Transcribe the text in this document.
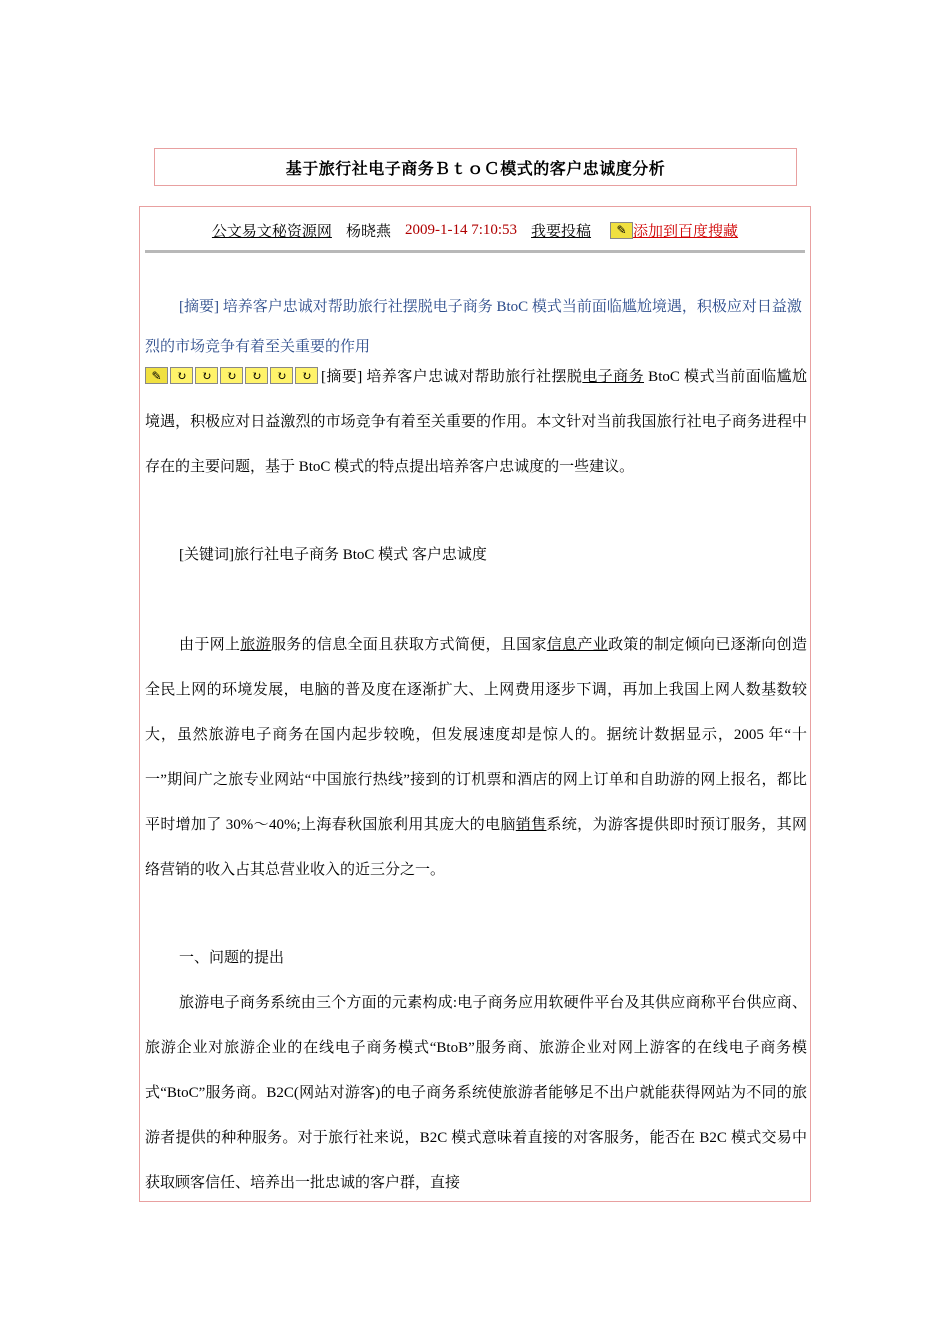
基于旅行社电子商务ＢｔｏＣ模式的客户忠诚度分析
公文易文秘资源网 杨晓燕 2009-1-14 7:10:53 我要投稿	✎ 添加到百度搜藏

[摘要] 培养客户忠诚对帮助旅行社摆脱电子商务 BtoC 模式当前面临尴尬境遇，积极应对日益激烈的市场竞争有着至关重要的作用

✎	↻	↻	↻	↻	↻	↻ [摘要] 培养客户忠诚对帮助旅行社摆脱电子商务 BtoC 模式当前面临尴尬境遇，积极应对日益激烈的市场竞争有着至关重要的作用。本文针对当前我国旅行社电子商务进程中存在的主要问题，基于 BtoC 模式的特点提出培养客户忠诚度的一些建议。

[关键词]旅行社电子商务 BtoC 模式 客户忠诚度

由于网上旅游服务的信息全面且获取方式简便，且国家信息产业政策的制定倾向已逐渐向创造全民上网的环境发展，电脑的普及度在逐渐扩大、上网费用逐步下调，再加上我国上网人数基数较大，虽然旅游电子商务在国内起步较晚，但发展速度却是惊人的。据统计数据显示，2005 年“十一”期间广之旅专业网站“中国旅行热线”接到的订机票和酒店的网上订单和自助游的网上报名，都比平时增加了 30%～40%;上海春秋国旅利用其庞大的电脑销售系统，为游客提供即时预订服务，其网络营销的收入占其总营业收入的近三分之一。

一、问题的提出

旅游电子商务系统由三个方面的元素构成:电子商务应用软硬件平台及其供应商称平台供应商、旅游企业对旅游企业的在线电子商务模式“BtoB”服务商、旅游企业对网上游客的在线电子商务模式“BtoC”服务商。B2C(网站对游客)的电子商务系统使旅游者能够足不出户就能获得网站为不同的旅游者提供的种种服务。对于旅行社来说，B2C 模式意味着直接的对客服务，能否在 B2C 模式交易中获取顾客信任、培养出一批忠诚的客户群，直接
